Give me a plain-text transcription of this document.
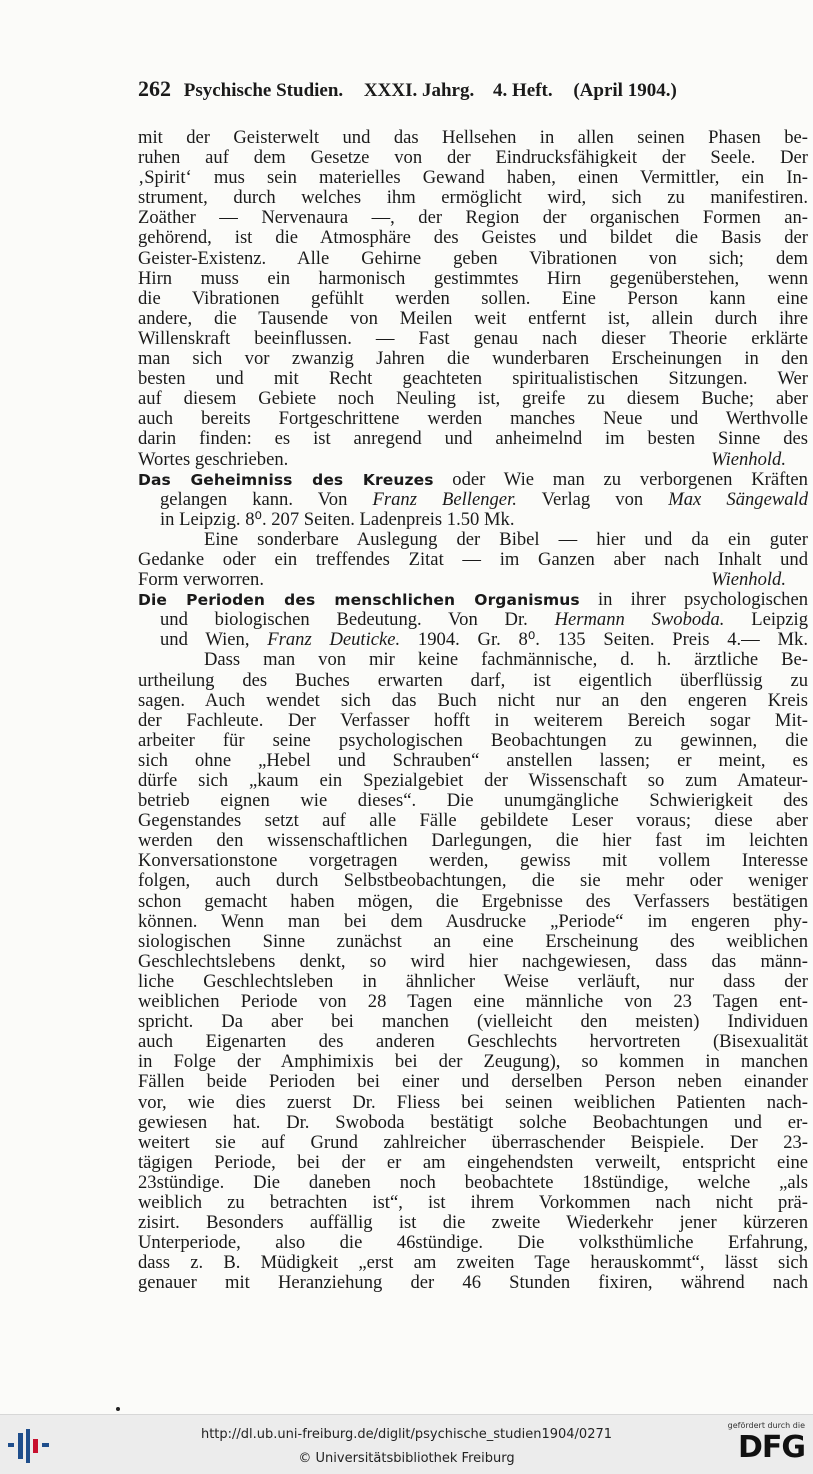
262 Psychische Studien. XXXI. Jahrg. 4. Heft. (April 1904.)
mit der Geisterwelt und das Hellsehen in allen seinen Phasen be-
ruhen auf dem Gesetze von der Eindrucksfähigkeit der Seele. Der
‚Spirit‘ mus sein materielles Gewand haben, einen Vermittler, ein In-
strument, durch welches ihm ermöglicht wird, sich zu manifestiren.
Zoäther — Nervenaura —, der Region der organischen Formen an-
gehörend, ist die Atmosphäre des Geistes und bildet die Basis der
Geister-Existenz. Alle Gehirne geben Vibrationen von sich; dem
Hirn muss ein harmonisch gestimmtes Hirn gegenüberstehen, wenn
die Vibrationen gefühlt werden sollen. Eine Person kann eine
andere, die Tausende von Meilen weit entfernt ist, allein durch ihre
Willenskraft beeinflussen. — Fast genau nach dieser Theorie erklärte
man sich vor zwanzig Jahren die wunderbaren Erscheinungen in den
besten und mit Recht geachteten spiritualistischen Sitzungen. Wer
auf diesem Gebiete noch Neuling ist, greife zu diesem Buche; aber
auch bereits Fortgeschrittene werden manches Neue und Werthvolle
darin finden: es ist anregend und anheimelnd im besten Sinne des
Wortes geschrieben.	Wienhold.
Das Geheimniss des Kreuzes oder Wie man zu verborgenen Kräften
gelangen kann. Von Franz Bellenger. Verlag von Max Sängewald
in Leipzig. 8⁰. 207 Seiten. Ladenpreis 1.50 Mk.
Eine sonderbare Auslegung der Bibel — hier und da ein guter
Gedanke oder ein treffendes Zitat — im Ganzen aber nach Inhalt und
Form verworren.	Wienhold.
Die Perioden des menschlichen Organismus in ihrer psychologischen
und biologischen Bedeutung. Von Dr. Hermann Swoboda. Leipzig
und Wien, Franz Deuticke. 1904. Gr. 8⁰. 135 Seiten. Preis 4.— Mk.
Dass man von mir keine fachmännische, d. h. ärztliche Be-
urtheilung des Buches erwarten darf, ist eigentlich überflüssig zu
sagen. Auch wendet sich das Buch nicht nur an den engeren Kreis
der Fachleute. Der Verfasser hofft in weiterem Bereich sogar Mit-
arbeiter für seine psychologischen Beobachtungen zu gewinnen, die
sich ohne „Hebel und Schrauben“ anstellen lassen; er meint, es
dürfe sich „kaum ein Spezialgebiet der Wissenschaft so zum Amateur-
betrieb eignen wie dieses“. Die unumgängliche Schwierigkeit des
Gegenstandes setzt auf alle Fälle gebildete Leser voraus; diese aber
werden den wissenschaftlichen Darlegungen, die hier fast im leichten
Konversationstone vorgetragen werden, gewiss mit vollem Interesse
folgen, auch durch Selbstbeobachtungen, die sie mehr oder weniger
schon gemacht haben mögen, die Ergebnisse des Verfassers bestätigen
können. Wenn man bei dem Ausdrucke „Periode“ im engeren phy-
siologischen Sinne zunächst an eine Erscheinung des weiblichen
Geschlechtslebens denkt, so wird hier nachgewiesen, dass das männ-
liche Geschlechtsleben in ähnlicher Weise verläuft, nur dass der
weiblichen Periode von 28 Tagen eine männliche von 23 Tagen ent-
spricht. Da aber bei manchen (vielleicht den meisten) Individuen
auch Eigenarten des anderen Geschlechts hervortreten (Bisexualität
in Folge der Amphimixis bei der Zeugung), so kommen in manchen
Fällen beide Perioden bei einer und derselben Person neben einander
vor, wie dies zuerst Dr. Fliess bei seinen weiblichen Patienten nach-
gewiesen hat. Dr. Swoboda bestätigt solche Beobachtungen und er-
weitert sie auf Grund zahlreicher überraschender Beispiele. Der 23-
tägigen Periode, bei der er am eingehendsten verweilt, entspricht eine
23stündige. Die daneben noch beobachtete 18stündige, welche „als
weiblich zu betrachten ist“, ist ihrem Vorkommen nach nicht prä-
zisirt. Besonders auffällig ist die zweite Wiederkehr jener kürzeren
Unterperiode, also die 46stündige. Die volksthümliche Erfahrung,
dass z. B. Müdigkeit „erst am zweiten Tage herauskommt“, lässt sich
genauer mit Heranziehung der 46 Stunden fixiren, während nach
http://dl.ub.uni-freiburg.de/diglit/psychische_studien1904/0271
© Universitätsbibliothek Freiburg
gefördert durch die
DFG
